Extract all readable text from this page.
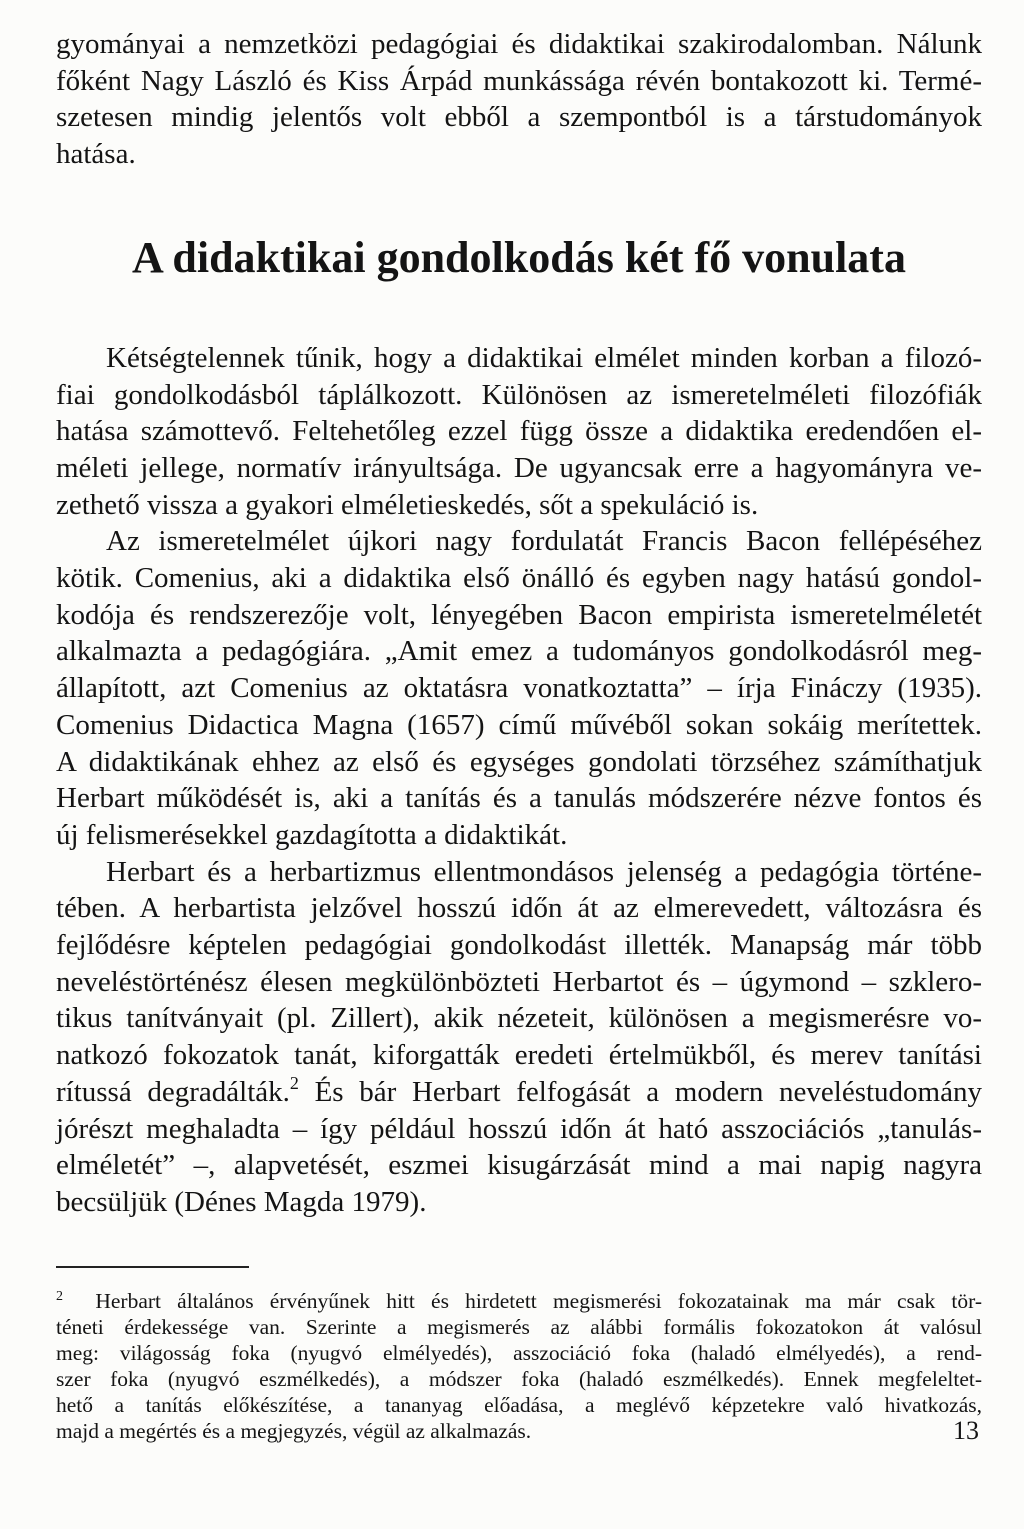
gyományai a nemzetközi pedagógiai és didaktikai szakirodalomban. Nálunk
főként Nagy László és Kiss Árpád munkássága révén bontakozott ki. Termé-
szetesen mindig jelentős volt ebből a szempontból is a társtudományok
hatása.
A didaktikai gondolkodás két fő vonulata
Kétségtelennek tűnik, hogy a didaktikai elmélet minden korban a filozó-
fiai gondolkodásból táplálkozott. Különösen az ismeretelméleti filozófiák
hatása számottevő. Feltehetőleg ezzel függ össze a didaktika eredendően el-
méleti jellege, normatív irányultsága. De ugyancsak erre a hagyományra ve-
zethető vissza a gyakori elméletieskedés, sőt a spekuláció is.
Az ismeretelmélet újkori nagy fordulatát Francis Bacon fellépéséhez
kötik. Comenius, aki a didaktika első önálló és egyben nagy hatású gondol-
kodója és rendszerezője volt, lényegében Bacon empirista ismeretelméletét
alkalmazta a pedagógiára. „Amit emez a tudományos gondolkodásról meg-
állapított, azt Comenius az oktatásra vonatkoztatta” – írja Fináczy (1935).
Comenius Didactica Magna (1657) című művéből sokan sokáig merítettek.
A didaktikának ehhez az első és egységes gondolati törzséhez számíthatjuk
Herbart működését is, aki a tanítás és a tanulás módszerére nézve fontos és
új felismerésekkel gazdagította a didaktikát.
Herbart és a herbartizmus ellentmondásos jelenség a pedagógia történe-
tében. A herbartista jelzővel hosszú időn át az elmerevedett, változásra és
fejlődésre képtelen pedagógiai gondolkodást illették. Manapság már több
neveléstörténész élesen megkülönbözteti Herbartot és – úgymond – szklero-
tikus tanítványait (pl. Zillert), akik nézeteit, különösen a megismerésre vo-
natkozó fokozatok tanát, kiforgatták eredeti értelmükből, és merev tanítási
rítussá degradálták.$^2$ És bár Herbart felfogását a modern neveléstudomány
jórészt meghaladta – így például hosszú időn át ható asszociációs „tanulás-
elméletét” –, alapvetését, eszmei kisugárzását mind a mai napig nagyra
becsüljük (Dénes Magda 1979).
$^2$ Herbart általános érvényűnek hitt és hirdetett megismerési fokozatainak ma már csak tör-
téneti érdekessége van. Szerinte a megismerés az alábbi formális fokozatokon át valósul
meg: világosság foka (nyugvó elmélyedés), asszociáció foka (haladó elmélyedés), a rend-
szer foka (nyugvó eszmélkedés), a módszer foka (haladó eszmélkedés). Ennek megfeleltet-
hető a tanítás előkészítése, a tananyag előadása, a meglévő képzetekre való hivatkozás,
majd a megértés és a megjegyzés, végül az alkalmazás.	13
